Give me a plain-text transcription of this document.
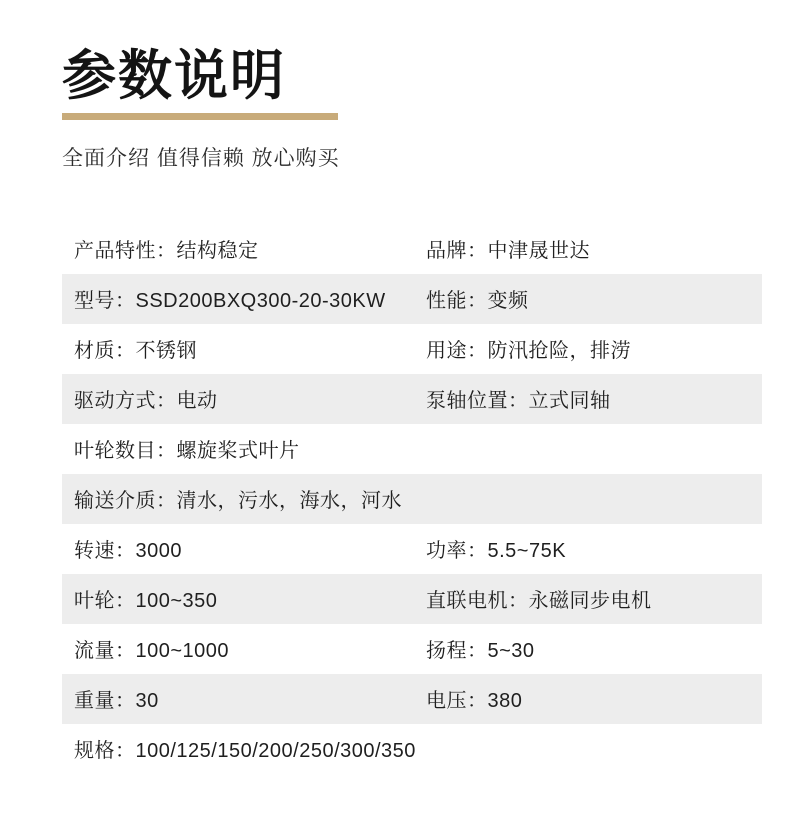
参数说明
全面介绍 值得信赖 放心购买
产品特性：结构稳定	品牌：中津晟世达
型号：SSD200BXQ300-20-30KW	性能：变频
材质：不锈钢	用途：防汛抢险，排涝
驱动方式：电动	泵轴位置：立式同轴
叶轮数目：螺旋桨式叶片	
输送介质：清水，污水，海水，河水	
转速：3000	功率：5.5~75K
叶轮：100~350	直联电机：永磁同步电机
流量：100~1000	扬程：5~30
重量：30	电压：380
规格：100/125/150/200/250/300/350	
